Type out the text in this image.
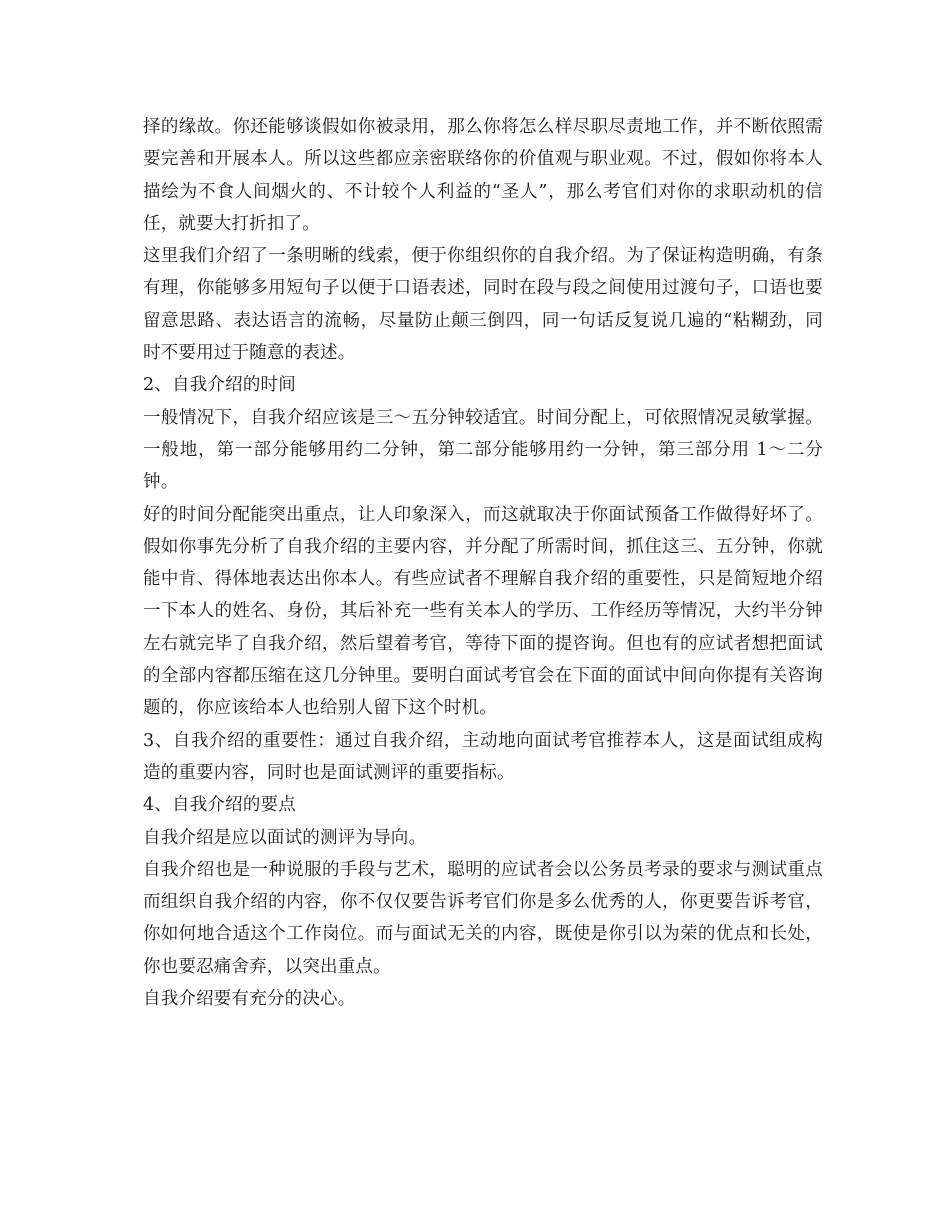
择的缘故。你还能够谈假如你被录用，那么你将怎么样尽职尽责地工作，并不断依照需要完善和开展本人。所以这些都应亲密联络你的价值观与职业观。不过，假如你将本人描绘为不食人间烟火的、不计较个人利益的“圣人”，那么考官们对你的求职动机的信任，就要大打折扣了。

这里我们介绍了一条明晰的线索，便于你组织你的自我介绍。为了保证构造明确，有条有理，你能够多用短句子以便于口语表述，同时在段与段之间使用过渡句子，口语也要留意思路、表达语言的流畅，尽量防止颠三倒四，同一句话反复说几遍的“粘糊劲，同时不要用过于随意的表述。

2、自我介绍的时间

一般情况下，自我介绍应该是三～五分钟较适宜。时间分配上，可依照情况灵敏掌握。一般地，第一部分能够用约二分钟，第二部分能够用约一分钟，第三部分用 1～二分钟。

好的时间分配能突出重点，让人印象深入，而这就取决于你面试预备工作做得好坏了。假如你事先分析了自我介绍的主要内容，并分配了所需时间，抓住这三、五分钟，你就能中肯、得体地表达出你本人。有些应试者不理解自我介绍的重要性，只是简短地介绍一下本人的姓名、身份，其后补充一些有关本人的学历、工作经历等情况，大约半分钟左右就完毕了自我介绍，然后望着考官，等待下面的提咨询。但也有的应试者想把面试的全部内容都压缩在这几分钟里。要明白面试考官会在下面的面试中间向你提有关咨询题的，你应该给本人也给别人留下这个时机。

3、自我介绍的重要性：通过自我介绍，主动地向面试考官推荐本人，这是面试组成构造的重要内容，同时也是面试测评的重要指标。

4、自我介绍的要点

自我介绍是应以面试的测评为导向。

自我介绍也是一种说服的手段与艺术，聪明的应试者会以公务员考录的要求与测试重点而组织自我介绍的内容，你不仅仅要告诉考官们你是多么优秀的人，你更要告诉考官，你如何地合适这个工作岗位。而与面试无关的内容，既使是你引以为荣的优点和长处，你也要忍痛舍弃，以突出重点。

自我介绍要有充分的决心。
